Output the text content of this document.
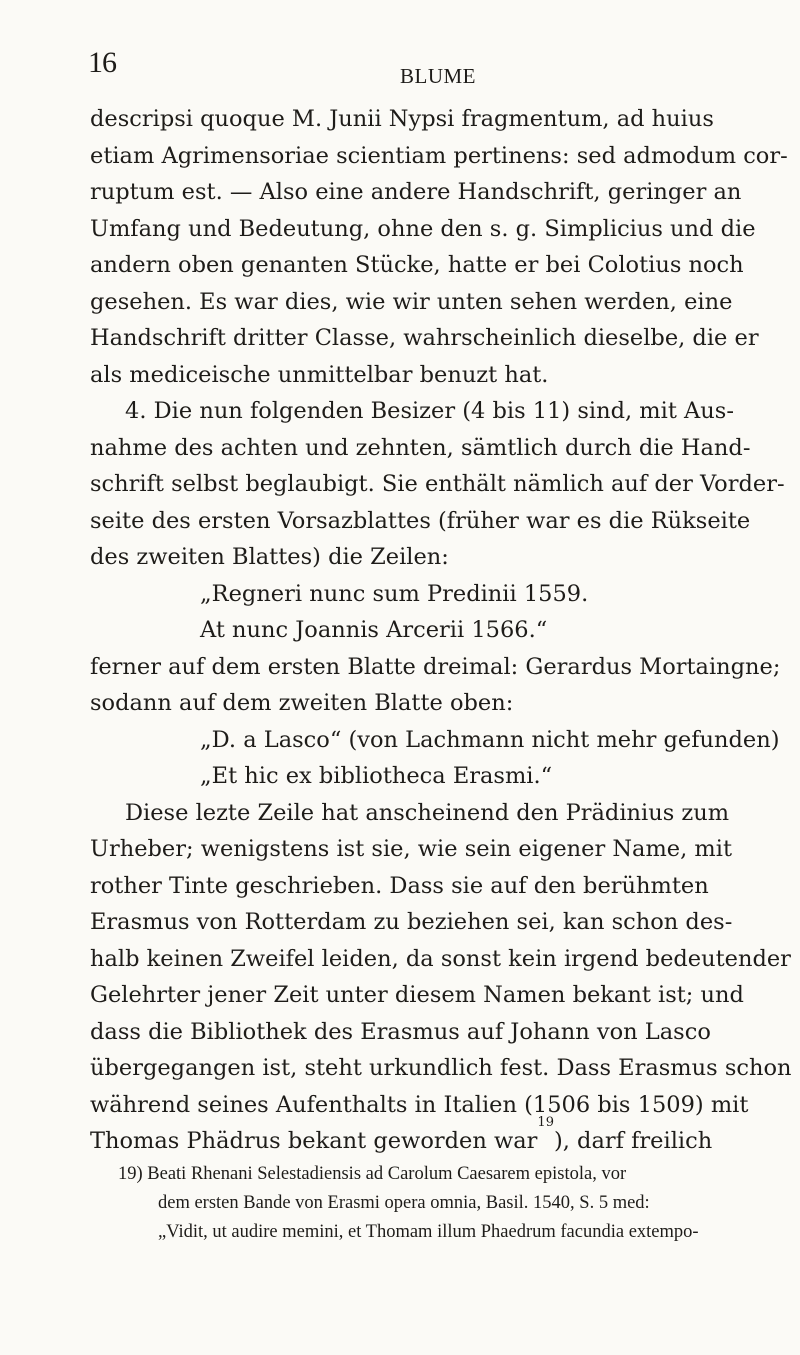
16	BLUME
descripsi quoque M. Junii Nypsi fragmentum, ad huius
etiam Agrimensoriae scientiam pertinens: sed admodum cor-
ruptum est. — Also eine andere Handschrift, geringer an
Umfang und Bedeutung, ohne den s. g. Simplicius und die
andern oben genanten Stücke, hatte er bei Colotius noch
gesehen. Es war dies, wie wir unten sehen werden, eine
Handschrift dritter Classe, wahrscheinlich dieselbe, die er
als mediceische unmittelbar benuzt hat.
4. Die nun folgenden Besizer (4 bis 11) sind, mit Aus-
nahme des achten und zehnten, sämtlich durch die Hand-
schrift selbst beglaubigt. Sie enthält nämlich auf der Vorder-
seite des ersten Vorsazblattes (früher war es die Rükseite
des zweiten Blattes) die Zeilen:
„Regneri nunc sum Predinii 1559.
At nunc Joannis Arcerii 1566.“
ferner auf dem ersten Blatte dreimal: Gerardus Mortaingne;
sodann auf dem zweiten Blatte oben:
„D. a Lasco“ (von Lachmann nicht mehr gefunden)
„Et hic ex bibliotheca Erasmi.“
Diese lezte Zeile hat anscheinend den Prädinius zum
Urheber; wenigstens ist sie, wie sein eigener Name, mit
rother Tinte geschrieben. Dass sie auf den berühmten
Erasmus von Rotterdam zu beziehen sei, kan schon des-
halb keinen Zweifel leiden, da sonst kein irgend bedeutender
Gelehrter jener Zeit unter diesem Namen bekant ist; und
dass die Bibliothek des Erasmus auf Johann von Lasco
übergegangen ist, steht urkundlich fest. Dass Erasmus schon
während seines Aufenthalts in Italien (1506 bis 1509) mit
Thomas Phädrus bekant geworden war
19
), darf freilich
19) Beati Rhenani Selestadiensis ad Carolum Caesarem epistola, vor
dem ersten Bande von Erasmi opera omnia, Basil. 1540, S. 5 med:
„Vidit, ut audire memini, et Thomam illum Phaedrum facundia extempo-
